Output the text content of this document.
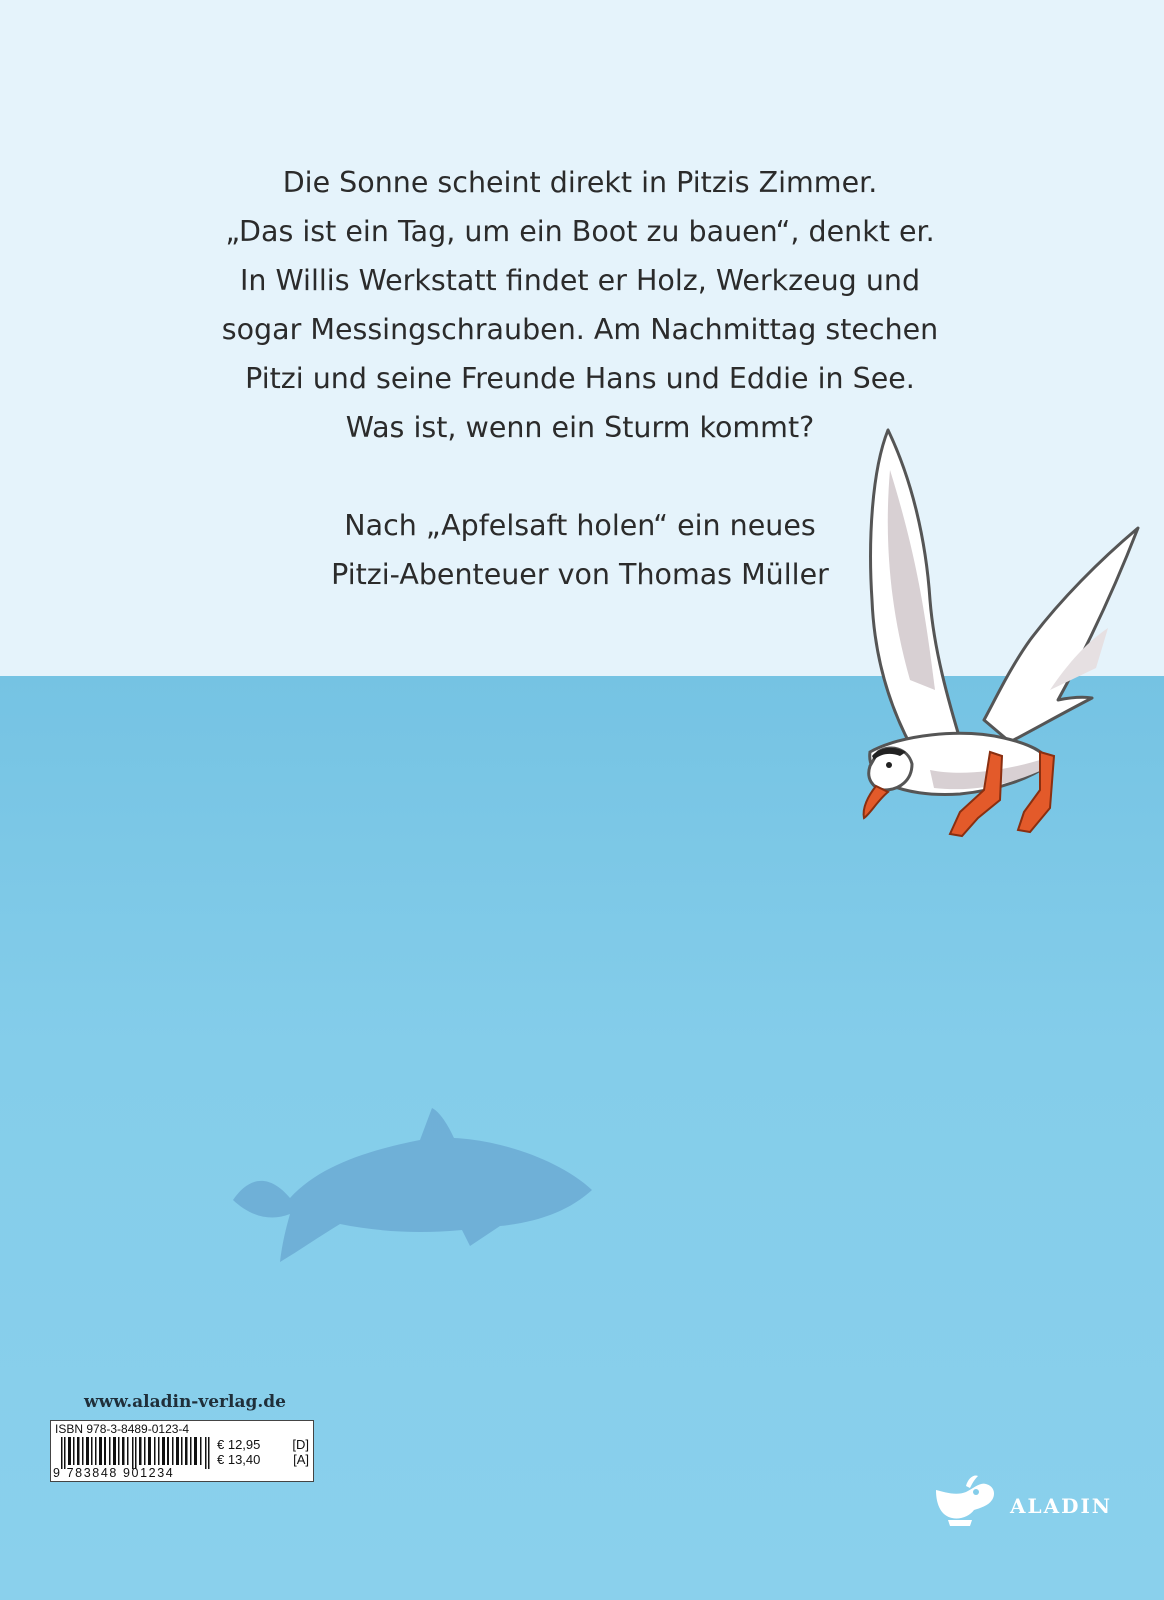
Die Sonne scheint direkt in Pitzis Zimmer.

„Das ist ein Tag, um ein Boot zu bauen“, denkt er.

In Willis Werkstatt findet er Holz, Werkzeug und

sogar Messingschrauben. Am Nachmittag stechen

Pitzi und seine Freunde Hans und Eddie in See.

Was ist, wenn ein Sturm kommt?

Nach „Apfelsaft holen“ ein neues

Pitzi-Abenteuer von Thomas Müller

www.aladin-verlag.de
ISBN 978-3-8489-0123-4
9 783848 901234
€ 12,95 [D]
€ 13,40	[A]
ALADIN
